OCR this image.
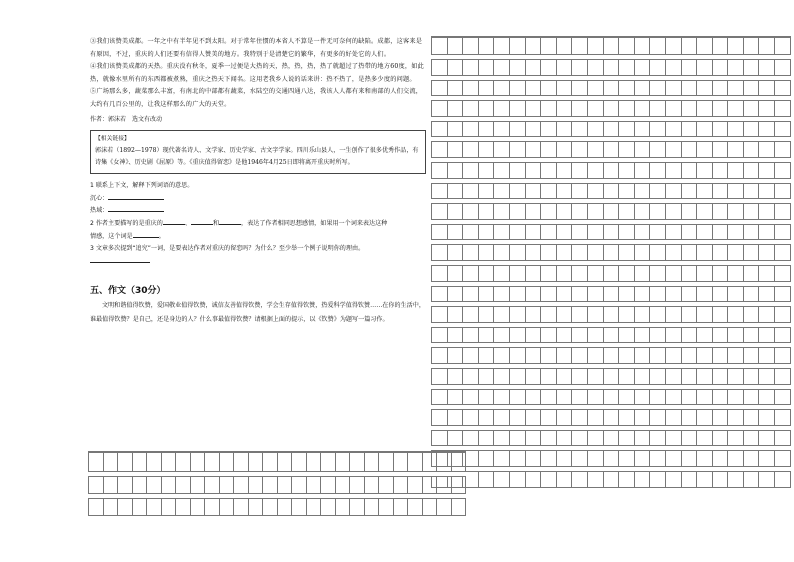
③我们该赞美成都。一年之中有半年见不到太阳。对于常年住惯的本省人不算是一件无可奈何的缺陷。成都，这客来是有原因，不过，重庆的人们还要有信得人赞美的地方。我特别于是清楚它的繁华，有更多的好处它的人们。

④我们该赞美成都的天热。重庆没有秋冬，夏季一过便是大热的天，热，热，热，热了就超过了热带的地方60度，如此热，就像水里所有的东西都被煮熟，重庆之热天下闻名。这用老我乡人说的话来讲：热不热了，是热多少度的问题。

⑤广场那么多，蔬菜那么丰富，有南北的中部都有蔬菜，水陆空的交通四通八达，我该人人都有来和南部的人们交流，大约有几百公里的，让我这样那么的广大的天堂。

作者：郭沫若　选文有改动
【相关链接】
郭沫若（1892—1978）现代著名诗人、文学家、历史学家、古文字学家。四川乐山县人，一生创作了很多优秀作品，有诗集《女神》、历史剧《屈原》等。《重庆值得留恋》是他1946年4月25日即将离开重庆时所写。

1 联系上下文，解释下列词语的意思。

沉心：

热域：

2 作者主要描写的是重庆的	、	和	，表达了作者相同思想感情，如果用一个词来表达这种

情感，这个词是	。

3 文章多次提到“追究”一词，是要表达作者对重庆的留恋吗？为什么？至少举一个例子说明你的理由。

五、作文（30分）

文明和谐值得钦赞，爱国敬业值得钦赞，诚信友善值得钦赞，学会生存值得钦赞，热爱科学值得钦赞……在你的生活中，谁最值得钦赞？是自己，还是身边的人？什么事最值得钦赞？请根据上面的提示，以《钦赞》为题写一篇习作。
